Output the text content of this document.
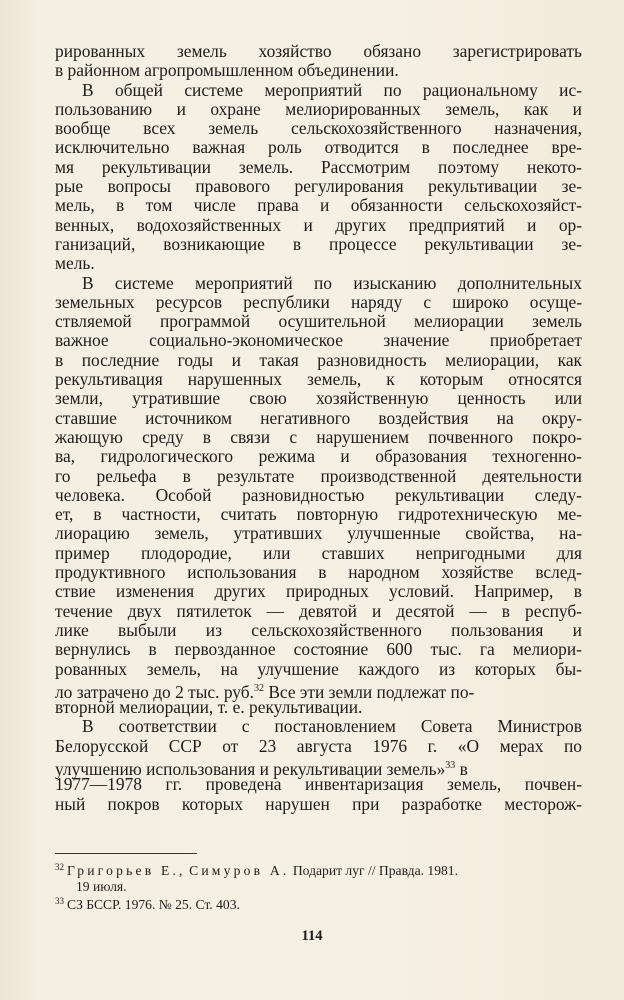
рированных земель хозяйство обязано зарегистрировать
в районном агропромышленном объединении.
В общей системе мероприятий по рациональному ис-
пользованию и охране мелиорированных земель, как и
вообще всех земель сельскохозяйственного назначения,
исключительно важная роль отводится в последнее вре-
мя рекультивации земель. Рассмотрим поэтому некото-
рые вопросы правового регулирования рекультивации зе-
мель, в том числе права и обязанности сельскохозяйст-
венных, водохозяйственных и других предприятий и ор-
ганизаций, возникающие в процессе рекультивации зе-
мель.
В системе мероприятий по изысканию дополнительных
земельных ресурсов республики наряду с широко осуще-
ствляемой программой осушительной мелиорации земель
важное социально-экономическое значение приобретает
в последние годы и такая разновидность мелиорации, как
рекультивация нарушенных земель, к которым относятся
земли, утратившие свою хозяйственную ценность или
ставшие источником негативного воздействия на окру-
жающую среду в связи с нарушением почвенного покро-
ва, гидрологического режима и образования техногенно-
го рельефа в результате производственной деятельности
человека. Особой разновидностью рекультивации следу-
ет, в частности, считать повторную гидротехническую ме-
лиорацию земель, утративших улучшенные свойства, на-
пример плодородие, или ставших непригодными для
продуктивного использования в народном хозяйстве вслед-
ствие изменения других природных условий. Например, в
течение двух пятилеток — девятой и десятой — в респуб-
лике выбыли из сельскохозяйственного пользования и
вернулись в первозданное состояние 600 тыс. га мелиори-
рованных земель, на улучшение каждого из которых бы-
ло затрачено до 2 тыс. руб.$^{32}$ Все эти земли подлежат по-
вторной мелиорации, т. е. рекультивации.
В соответствии с постановлением Совета Министров
Белорусской ССР от 23 августа 1976 г. «О мерах по
улучшению использования и рекультивации земель»$^{33}$ в
1977—1978 гг. проведена инвентаризация земель, почвен-
ный покров которых нарушен при разработке месторож-
$^{32}$ Григорьев Е., Симуров А. Подарит луг // Правда. 1981.
19 июля.
$^{33}$ СЗ БССР. 1976. № 25. Ст. 403.
114
